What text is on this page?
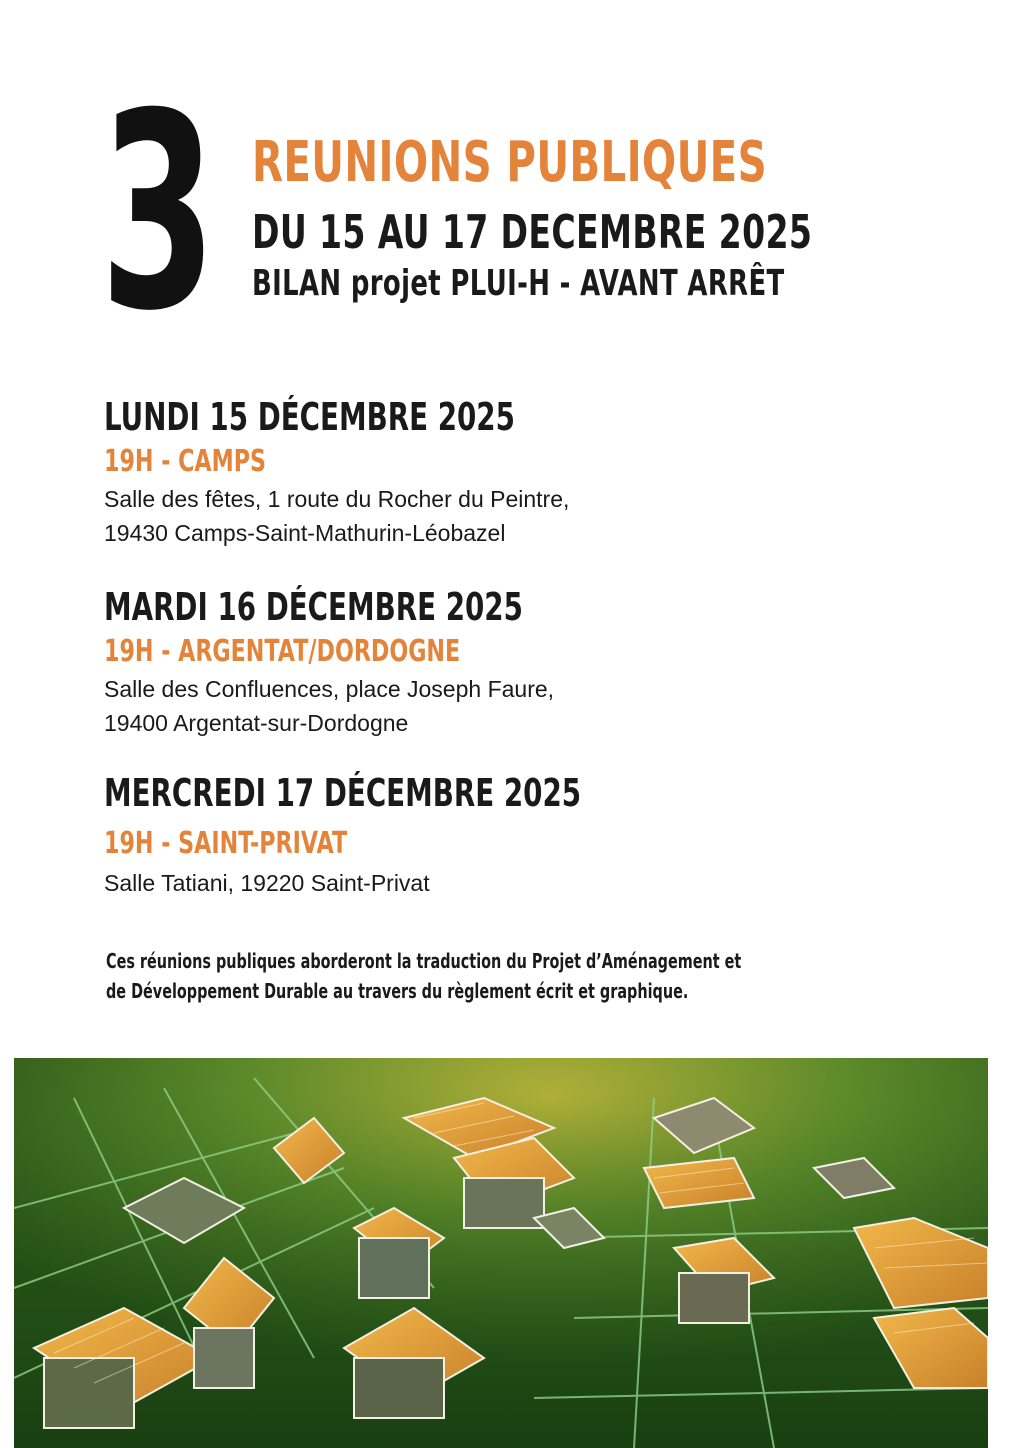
3 REUNIONS PUBLIQUES
DU 15 AU 17 DECEMBRE 2025
BILAN projet PLUI-H - AVANT ARRÊT
LUNDI 15 DÉCEMBRE 2025
19H - CAMPS
Salle des fêtes, 1 route du Rocher du Peintre,
19430 Camps-Saint-Mathurin-Léobazel
MARDI 16 DÉCEMBRE 2025
19H - ARGENTAT/DORDOGNE
Salle des Confluences, place Joseph Faure,
19400 Argentat-sur-Dordogne
MERCREDI 17 DÉCEMBRE 2025
19H - SAINT-PRIVAT
Salle Tatiani, 19220 Saint-Privat
Ces réunions publiques aborderont la traduction du Projet d’Aménagement et
de Développement Durable au travers du règlement écrit et graphique.
